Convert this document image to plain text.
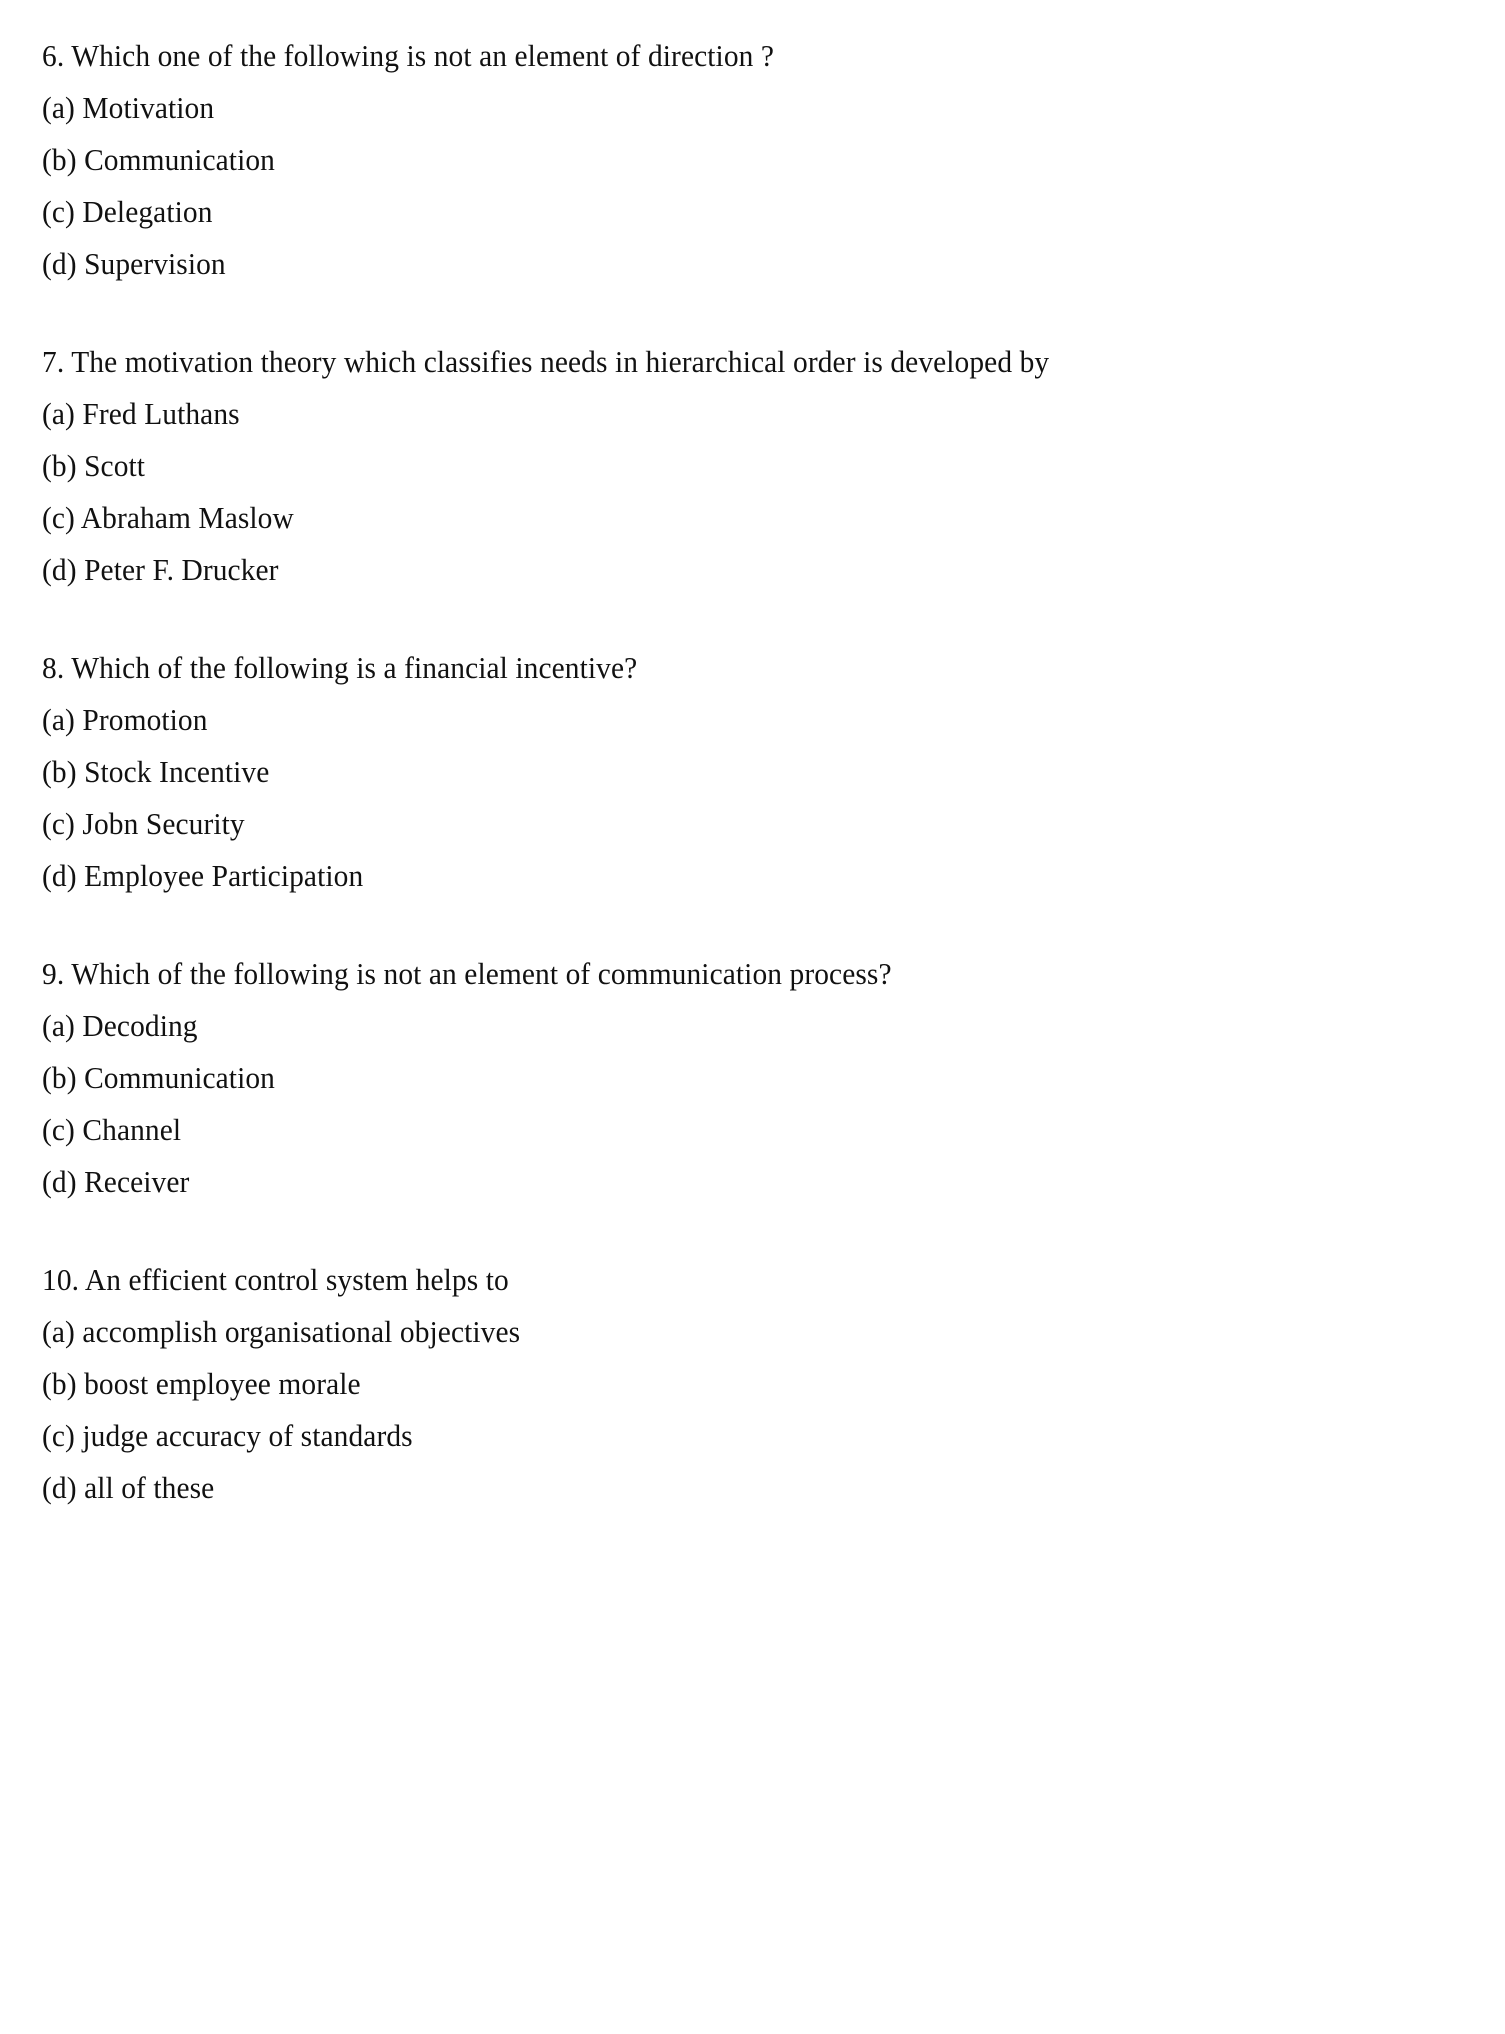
6. Which one of the following is not an element of direction ?
(a) Motivation
(b) Communication
(c) Delegation
(d) Supervision
7. The motivation theory which classifies needs in hierarchical order is developed by
(a) Fred Luthans
(b) Scott
(c) Abraham Maslow
(d) Peter F. Drucker
8. Which of the following is a financial incentive?
(a) Promotion
(b) Stock Incentive
(c) Jobn Security
(d) Employee Participation
9. Which of the following is not an element of communication process?
(a) Decoding
(b) Communication
(c) Channel
(d) Receiver
10. An efficient control system helps to
(a) accomplish organisational objectives
(b) boost employee morale
(c) judge accuracy of standards
(d) all of these
